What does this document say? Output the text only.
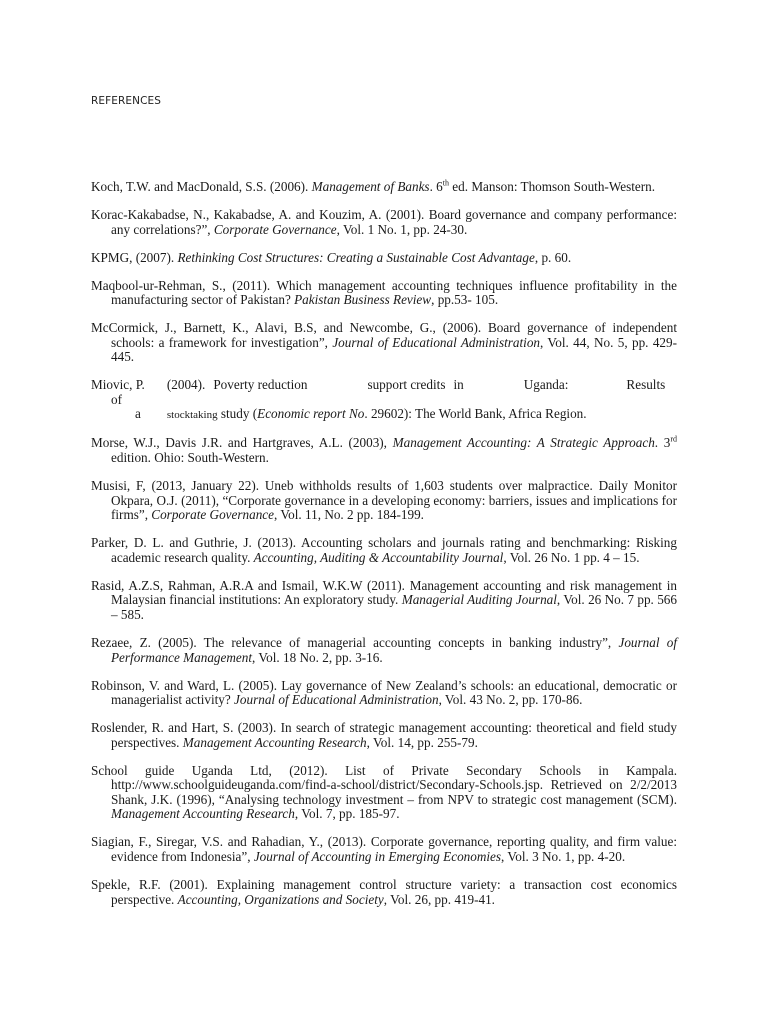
REFERENCES

Koch, T.W. and MacDonald, S.S. (2006). Management of Banks. 6th ed. Manson: Thomson South-Western.

Korac-Kakabadse, N., Kakabadse, A. and Kouzim, A. (2001). Board governance and company performance: any correlations?”, Corporate Governance, Vol. 1 No. 1, pp. 24-30.

KPMG, (2007). Rethinking Cost Structures: Creating a Sustainable Cost Advantage, p. 60.

Maqbool-ur-Rehman, S., (2011). Which management accounting techniques influence profitability in the manufacturing sector of Pakistan? Pakistan Business Review, pp.53- 105.

McCormick, J., Barnett, K., Alavi, B.S, and Newcombe, G., (2006). Board governance of independent schools: a framework for investigation”, Journal of Educational Administration, Vol. 44, No. 5, pp. 429-445.

Miovic, P. (2004). Poverty reduction	support credits in	Uganda:	Results of
a stocktaking study (Economic report No. 29602): The World Bank, Africa Region.

Morse, W.J., Davis J.R. and Hartgraves, A.L. (2003), Management Accounting: A Strategic Approach. 3rd edition. Ohio: South-Western.

Musisi, F, (2013, January 22). Uneb withholds results of 1,603 students over malpractice. Daily Monitor Okpara, O.J. (2011), “Corporate governance in a developing economy: barriers, issues and implications for firms”, Corporate Governance, Vol. 11, No. 2 pp. 184-199.

Parker, D. L. and Guthrie, J. (2013). Accounting scholars and journals rating and benchmarking: Risking academic research quality. Accounting, Auditing & Accountability Journal, Vol. 26 No. 1 pp. 4 – 15.

Rasid, A.Z.S, Rahman, A.R.A and Ismail, W.K.W (2011). Management accounting and risk management in Malaysian financial institutions: An exploratory study. Managerial Auditing Journal, Vol. 26 No. 7 pp. 566 – 585.

Rezaee, Z. (2005). The relevance of managerial accounting concepts in banking industry”, Journal of Performance Management, Vol. 18 No. 2, pp. 3-16.

Robinson, V. and Ward, L. (2005). Lay governance of New Zealand’s schools: an educational, democratic or managerialist activity? Journal of Educational Administration, Vol. 43 No. 2, pp. 170-86.

Roslender, R. and Hart, S. (2003). In search of strategic management accounting: theoretical and field study perspectives. Management Accounting Research, Vol. 14, pp. 255-79.

School guide Uganda Ltd, (2012). List of Private Secondary Schools in Kampala. http://www.schoolguideuganda.com/find-a-school/district/Secondary-Schools.jsp. Retrieved on 2/2/2013 Shank, J.K. (1996), “Analysing technology investment – from NPV to strategic cost management (SCM). Management Accounting Research, Vol. 7, pp. 185-97.

Siagian, F., Siregar, V.S. and Rahadian, Y., (2013). Corporate governance, reporting quality, and firm value: evidence from Indonesia”, Journal of Accounting in Emerging Economies, Vol. 3 No. 1, pp. 4-20.

Spekle, R.F. (2001). Explaining management control structure variety: a transaction cost economics perspective. Accounting, Organizations and Society, Vol. 26, pp. 419-41.
